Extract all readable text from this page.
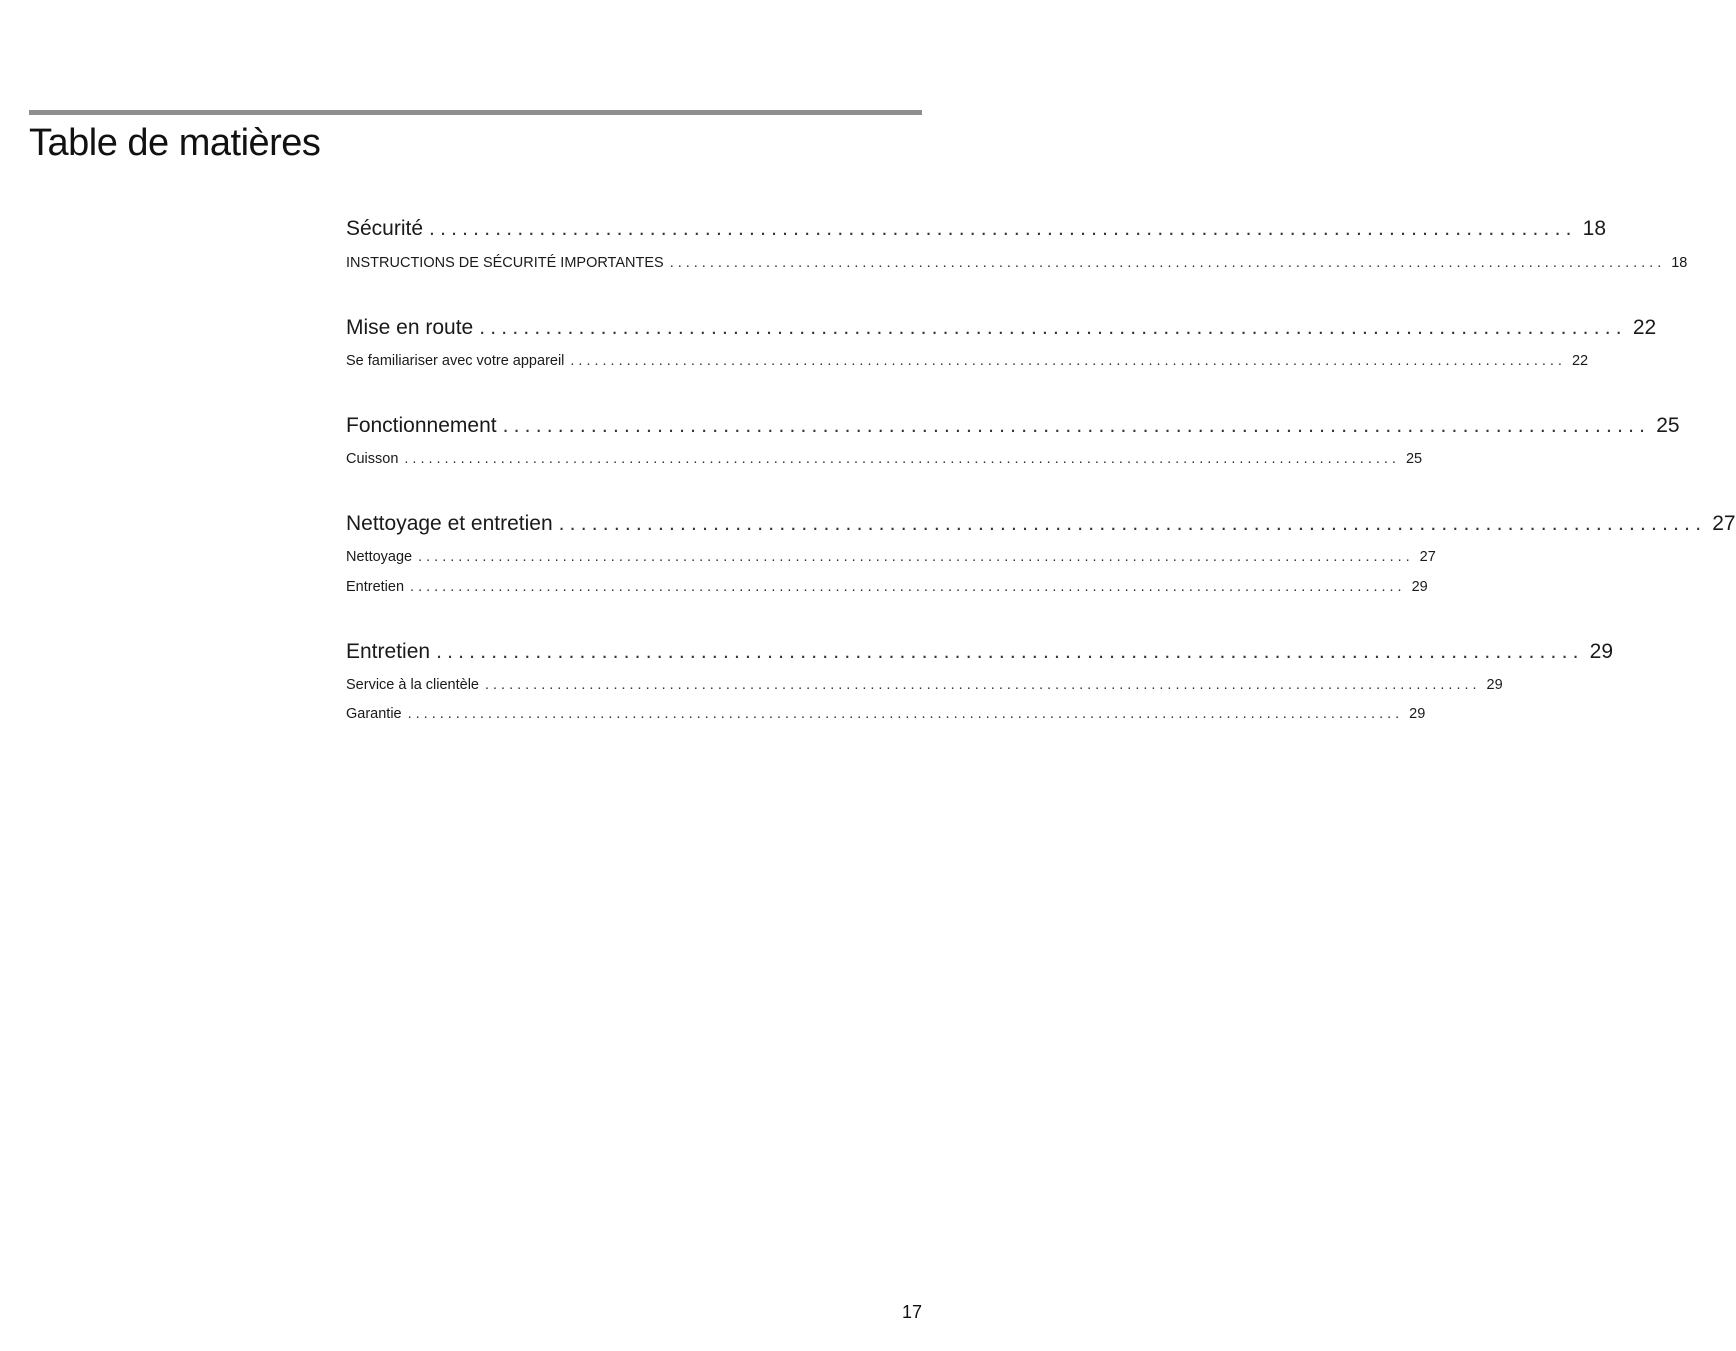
Table de matières
Sécurité ........................................................................................................ 18
INSTRUCTIONS DE SÉCURITÉ IMPORTANTES ............................................................................................................................ 18
Mise en route ........................................................................................................ 22
Se familiariser avec votre appareil ............................................................................................................................ 22
Fonctionnement ........................................................................................................ 25
Cuisson ............................................................................................................................ 25
Nettoyage et entretien ........................................................................................................ 27
Nettoyage ............................................................................................................................ 27
Entretien ............................................................................................................................ 29
Entretien ........................................................................................................ 29
Service à la clientèle ............................................................................................................................ 29
Garantie ............................................................................................................................ 29
17
